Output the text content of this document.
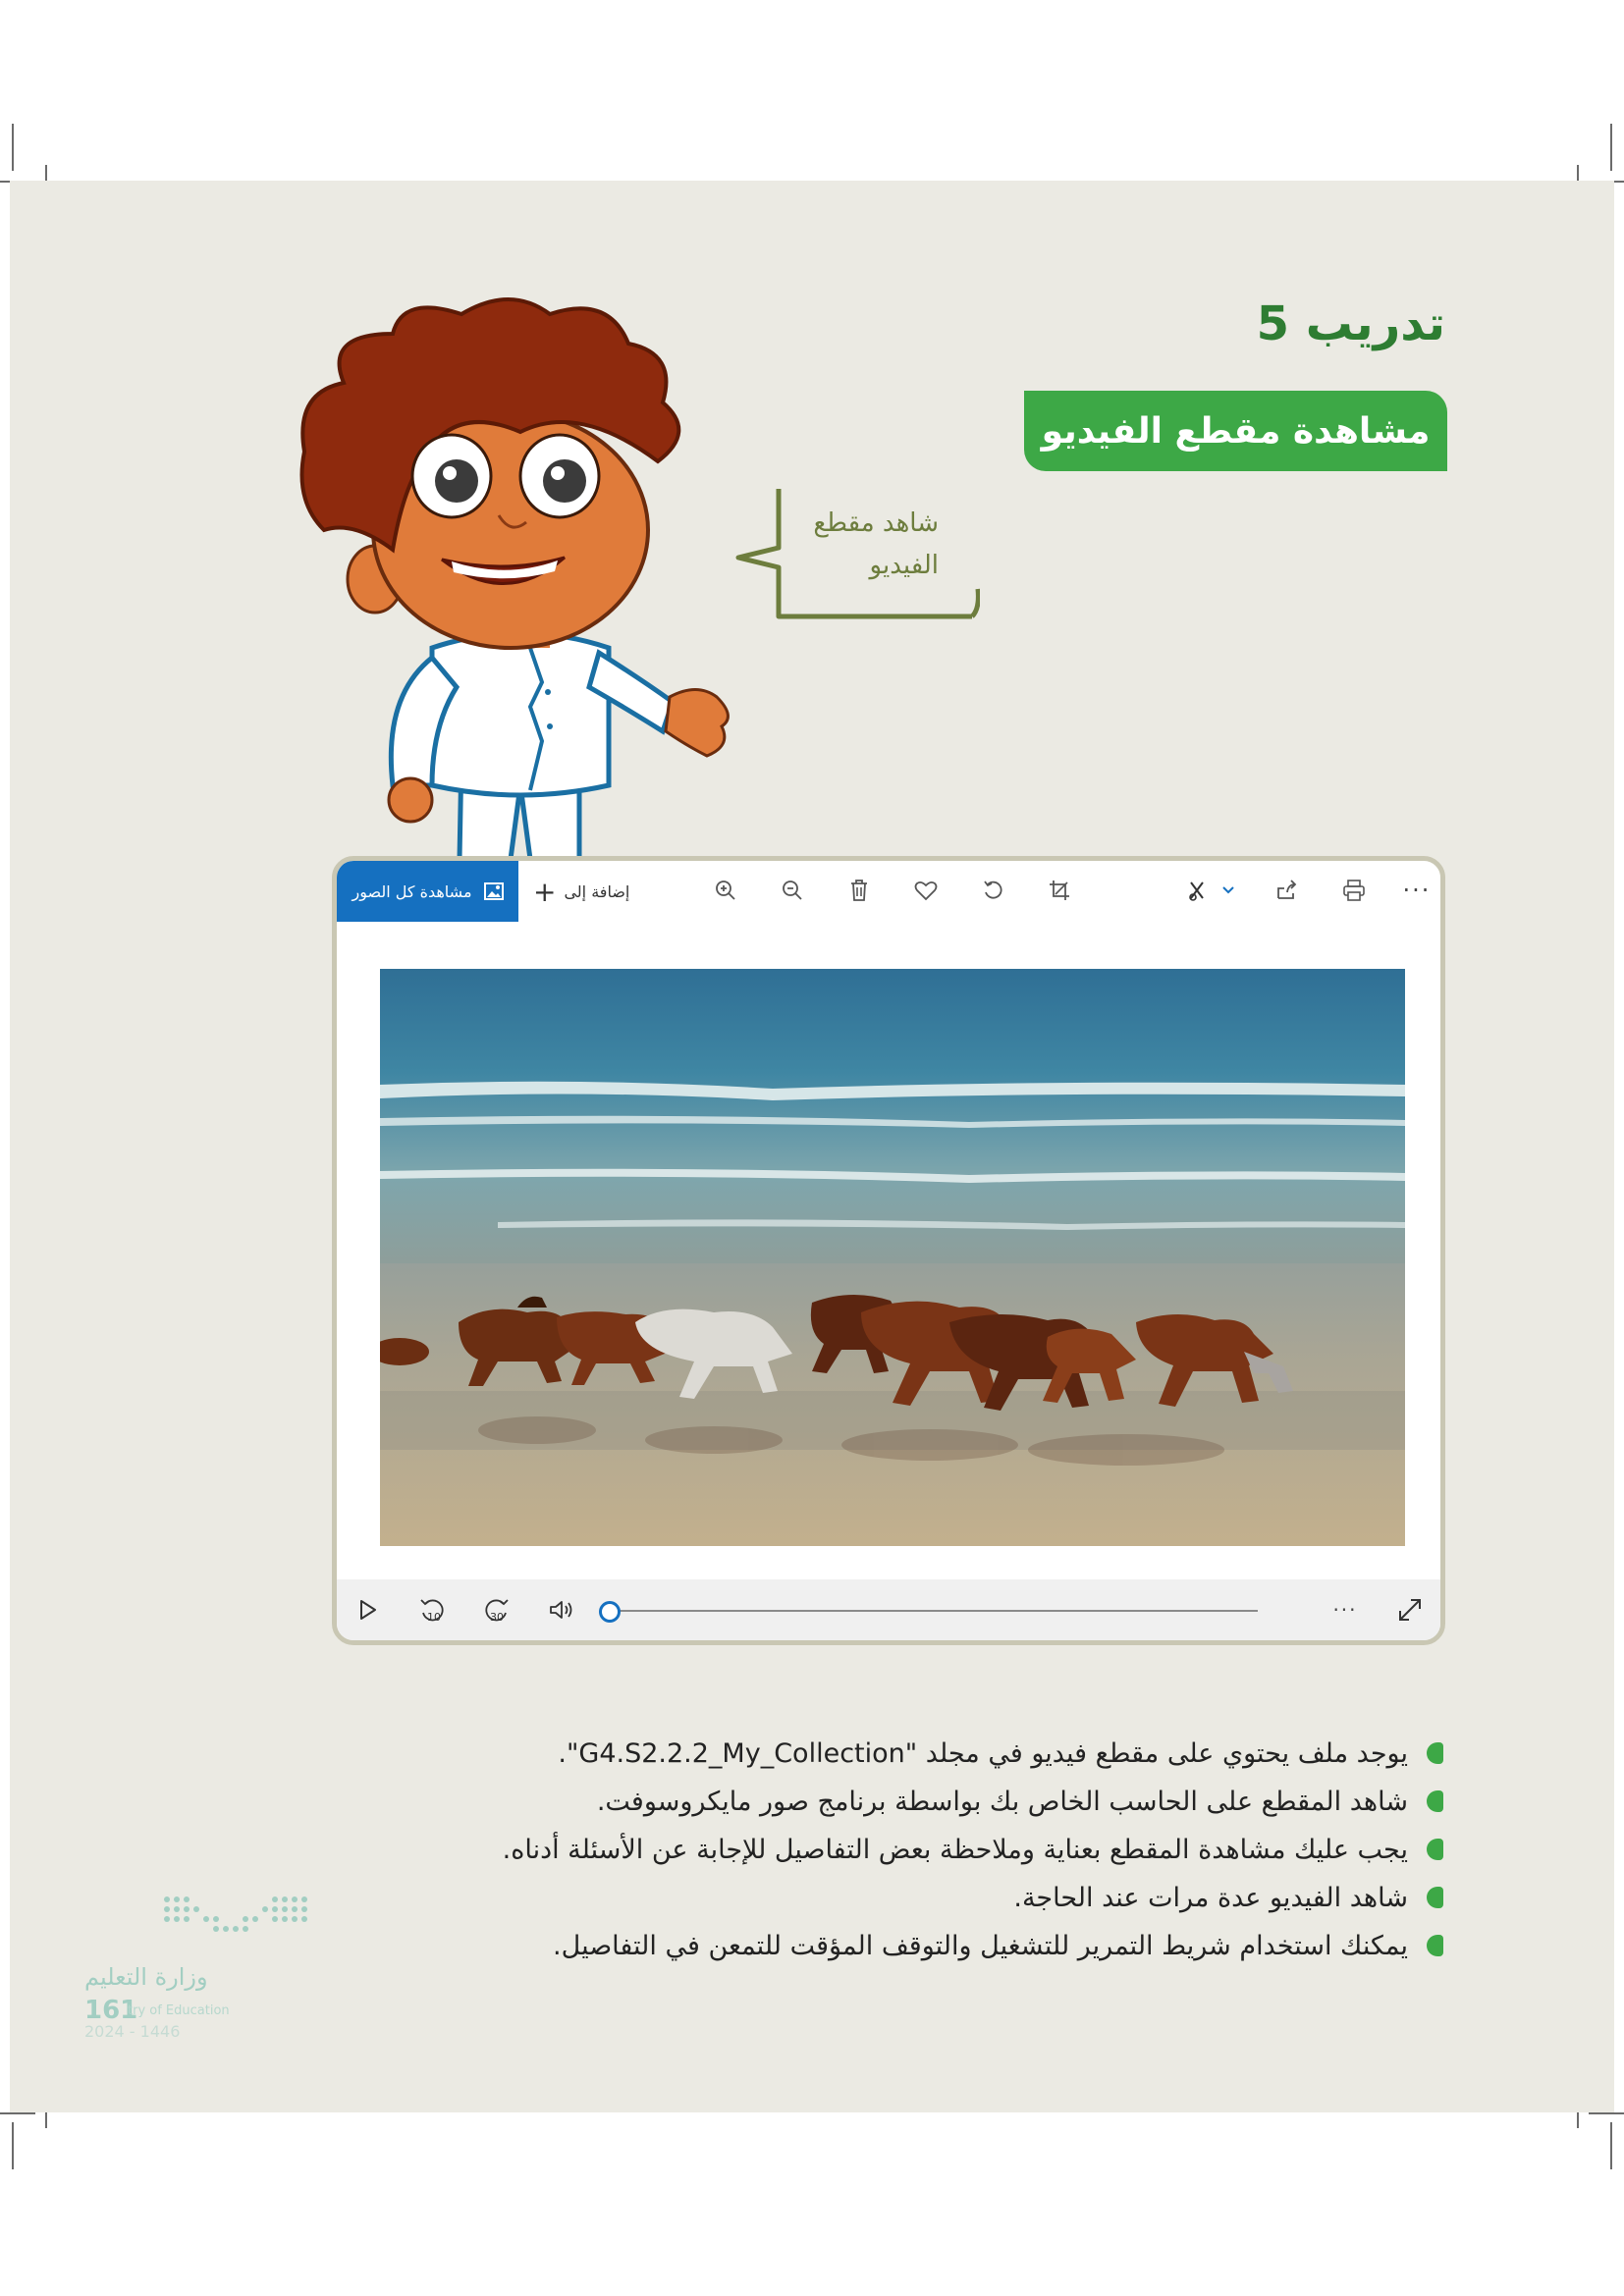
تدريب 5
مشاهدة مقطع الفيديو
شاهد مقطع الفيديو
مشاهدة كل الصور + إضافة إلى	···
10	30	···
يوجد ملف يحتوي على مقطع فيديو في مجلد "G4.S2.2.2_My_Collection".
شاهد المقطع على الحاسب الخاص بك بواسطة برنامج صور مايكروسوفت.
يجب عليك مشاهدة المقطع بعناية وملاحظة بعض التفاصيل للإجابة عن الأسئلة أدناه.
شاهد الفيديو عدة مرات عند الحاجة.
يمكنك استخدام شريط التمرير للتشغيل والتوقف المؤقت للتمعن في التفاصيل.
وزارة التعليم
161
try of Education
2024 - 1446
